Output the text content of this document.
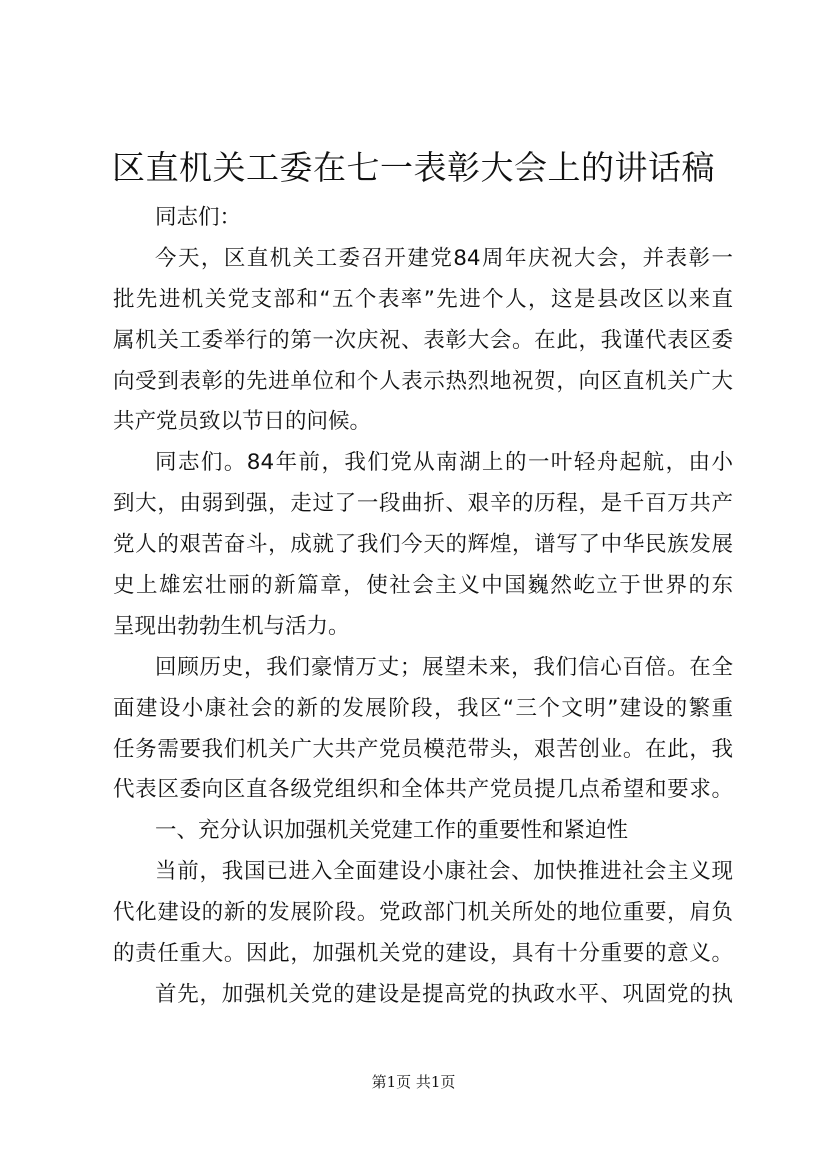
区直机关工委在七一表彰大会上的讲话稿
同志们：
今天，区直机关工委召开建党84周年庆祝大会，并表彰一
批先进机关党支部和“五个表率”先进个人，这是县改区以来直
属机关工委举行的第一次庆祝、表彰大会。在此，我谨代表区委
向受到表彰的先进单位和个人表示热烈地祝贺，向区直机关广大
共产党员致以节日的问候。
同志们。84年前，我们党从南湖上的一叶轻舟起航，由小
到大，由弱到强，走过了一段曲折、艰辛的历程，是千百万共产
党人的艰苦奋斗，成就了我们今天的辉煌，谱写了中华民族发展
史上雄宏壮丽的新篇章，使社会主义中国巍然屹立于世界的东
呈现出勃勃生机与活力。
回顾历史，我们豪情万丈；展望未来，我们信心百倍。在全
面建设小康社会的新的发展阶段，我区“三个文明”建设的繁重
任务需要我们机关广大共产党员模范带头，艰苦创业。在此，我
代表区委向区直各级党组织和全体共产党员提几点希望和要求。
一、充分认识加强机关党建工作的重要性和紧迫性
当前，我国已进入全面建设小康社会、加快推进社会主义现
代化建设的新的发展阶段。党政部门机关所处的地位重要，肩负
的责任重大。因此，加强机关党的建设，具有十分重要的意义。
首先，加强机关党的建设是提高党的执政水平、巩固党的执
第1页 共1页
